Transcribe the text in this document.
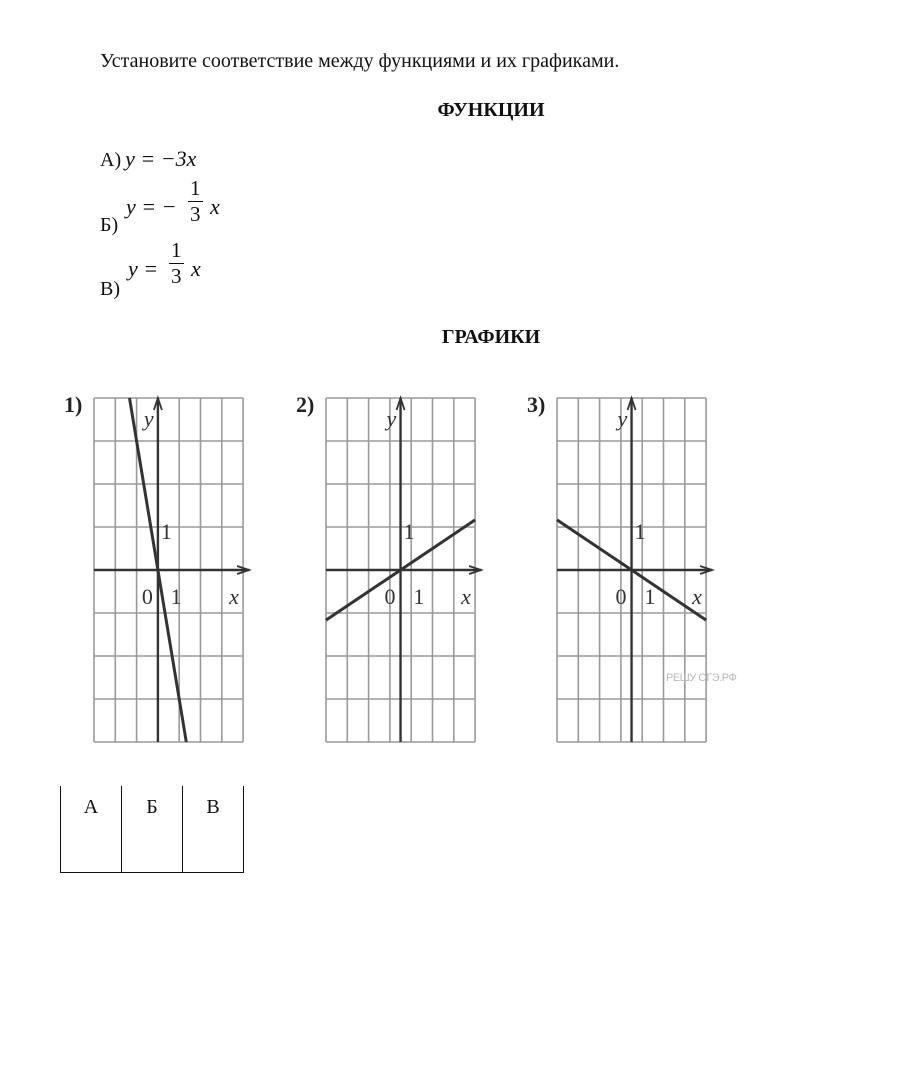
Установите соответствие между функциями и их графиками.
ФУНКЦИИ
А) y = −3x
Б)
y = − $\frac{1}{3}$ x
В)
$y = \frac{1}{3}$ x
ГРАФИКИ
1)
y
x
0 1
1
2)
y
x
0 1
1
3)
y
x
0 1
1
РЕШУ ОГЭ.РФ
А	Б	В
